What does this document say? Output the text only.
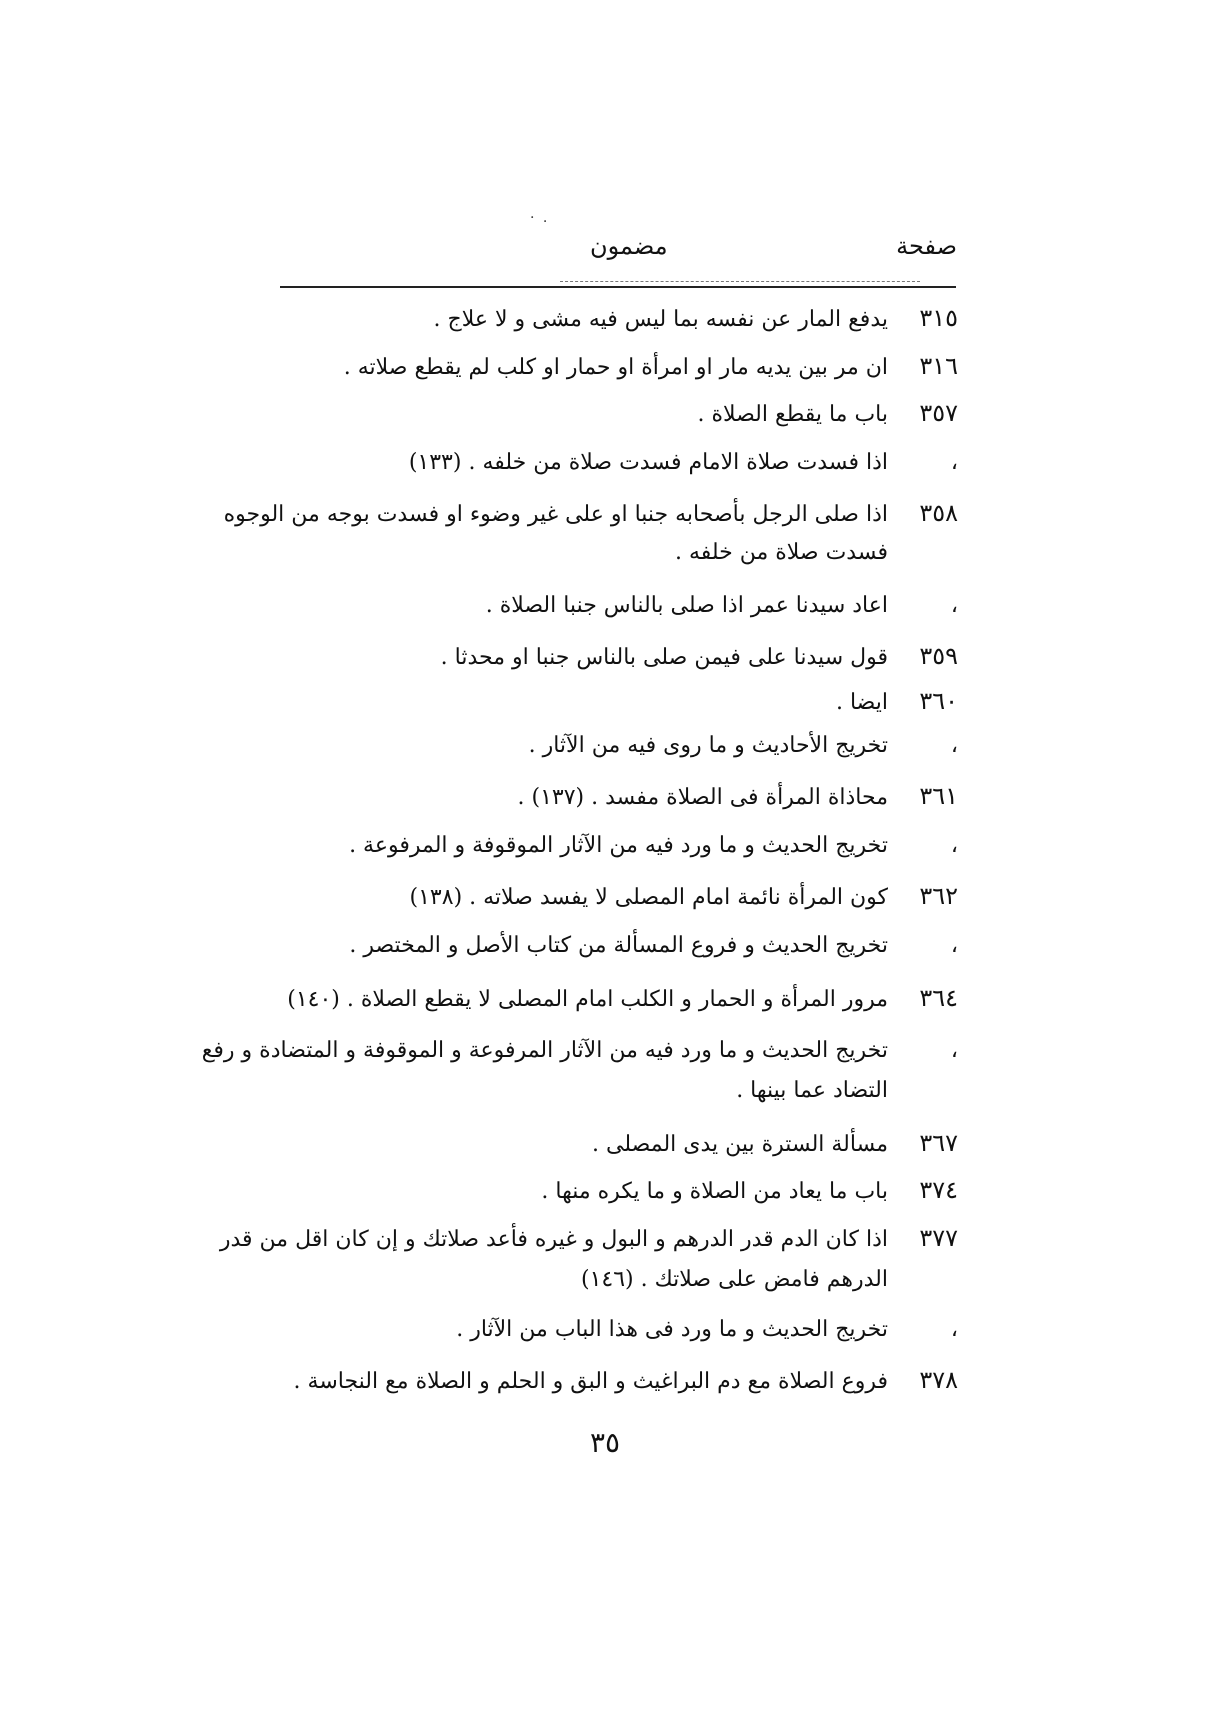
· .
صفحة
مضمون
٣١٥يدفع المار عن نفسه بما ليس فيه مشى و لا علاج .
٣١٦ان مر بين يديه مار او امرأة او حمار او كلب لم يقطع صلاته .
٣٥٧باب ما يقطع الصلاة .
،اذا فسدت صلاة الامام فسدت صلاة من خلفه . (١٣٣)
٣٥٨اذا صلى الرجل بأصحابه جنبا او على غير وضوء او فسدت بوجه من الوجوه
فسدت صلاة من خلفه .
،اعاد سيدنا عمر اذا صلى بالناس جنبا الصلاة .
٣٥٩قول سيدنا على فيمن صلى بالناس جنبا او محدثا .
٣٦٠ايضا .
،تخريج الأحاديث و ما روى فيه من الآثار .
٣٦١محاذاة المرأة فى الصلاة مفسد . (١٣٧) .
،تخريج الحديث و ما ورد فيه من الآثار الموقوفة و المرفوعة .
٣٦٢كون المرأة نائمة امام المصلى لا يفسد صلاته . (١٣٨)
،تخريج الحديث و فروع المسألة من كتاب الأصل و المختصر .
٣٦٤مرور المرأة و الحمار و الكلب امام المصلى لا يقطع الصلاة . (١٤٠)
،تخريج الحديث و ما ورد فيه من الآثار المرفوعة و الموقوفة و المتضادة و رفع
التضاد عما بينها .
٣٦٧مسألة السترة بين يدى المصلى .
٣٧٤باب ما يعاد من الصلاة و ما يكره منها .
٣٧٧اذا كان الدم قدر الدرهم و البول و غيره فأعد صلاتك و إن كان اقل من قدر
الدرهم فامض على صلاتك . (١٤٦)
،تخريج الحديث و ما ورد فى هذا الباب من الآثار .
٣٧٨فروع الصلاة مع دم البراغيث و البق و الحلم و الصلاة مع النجاسة .
٣٥
